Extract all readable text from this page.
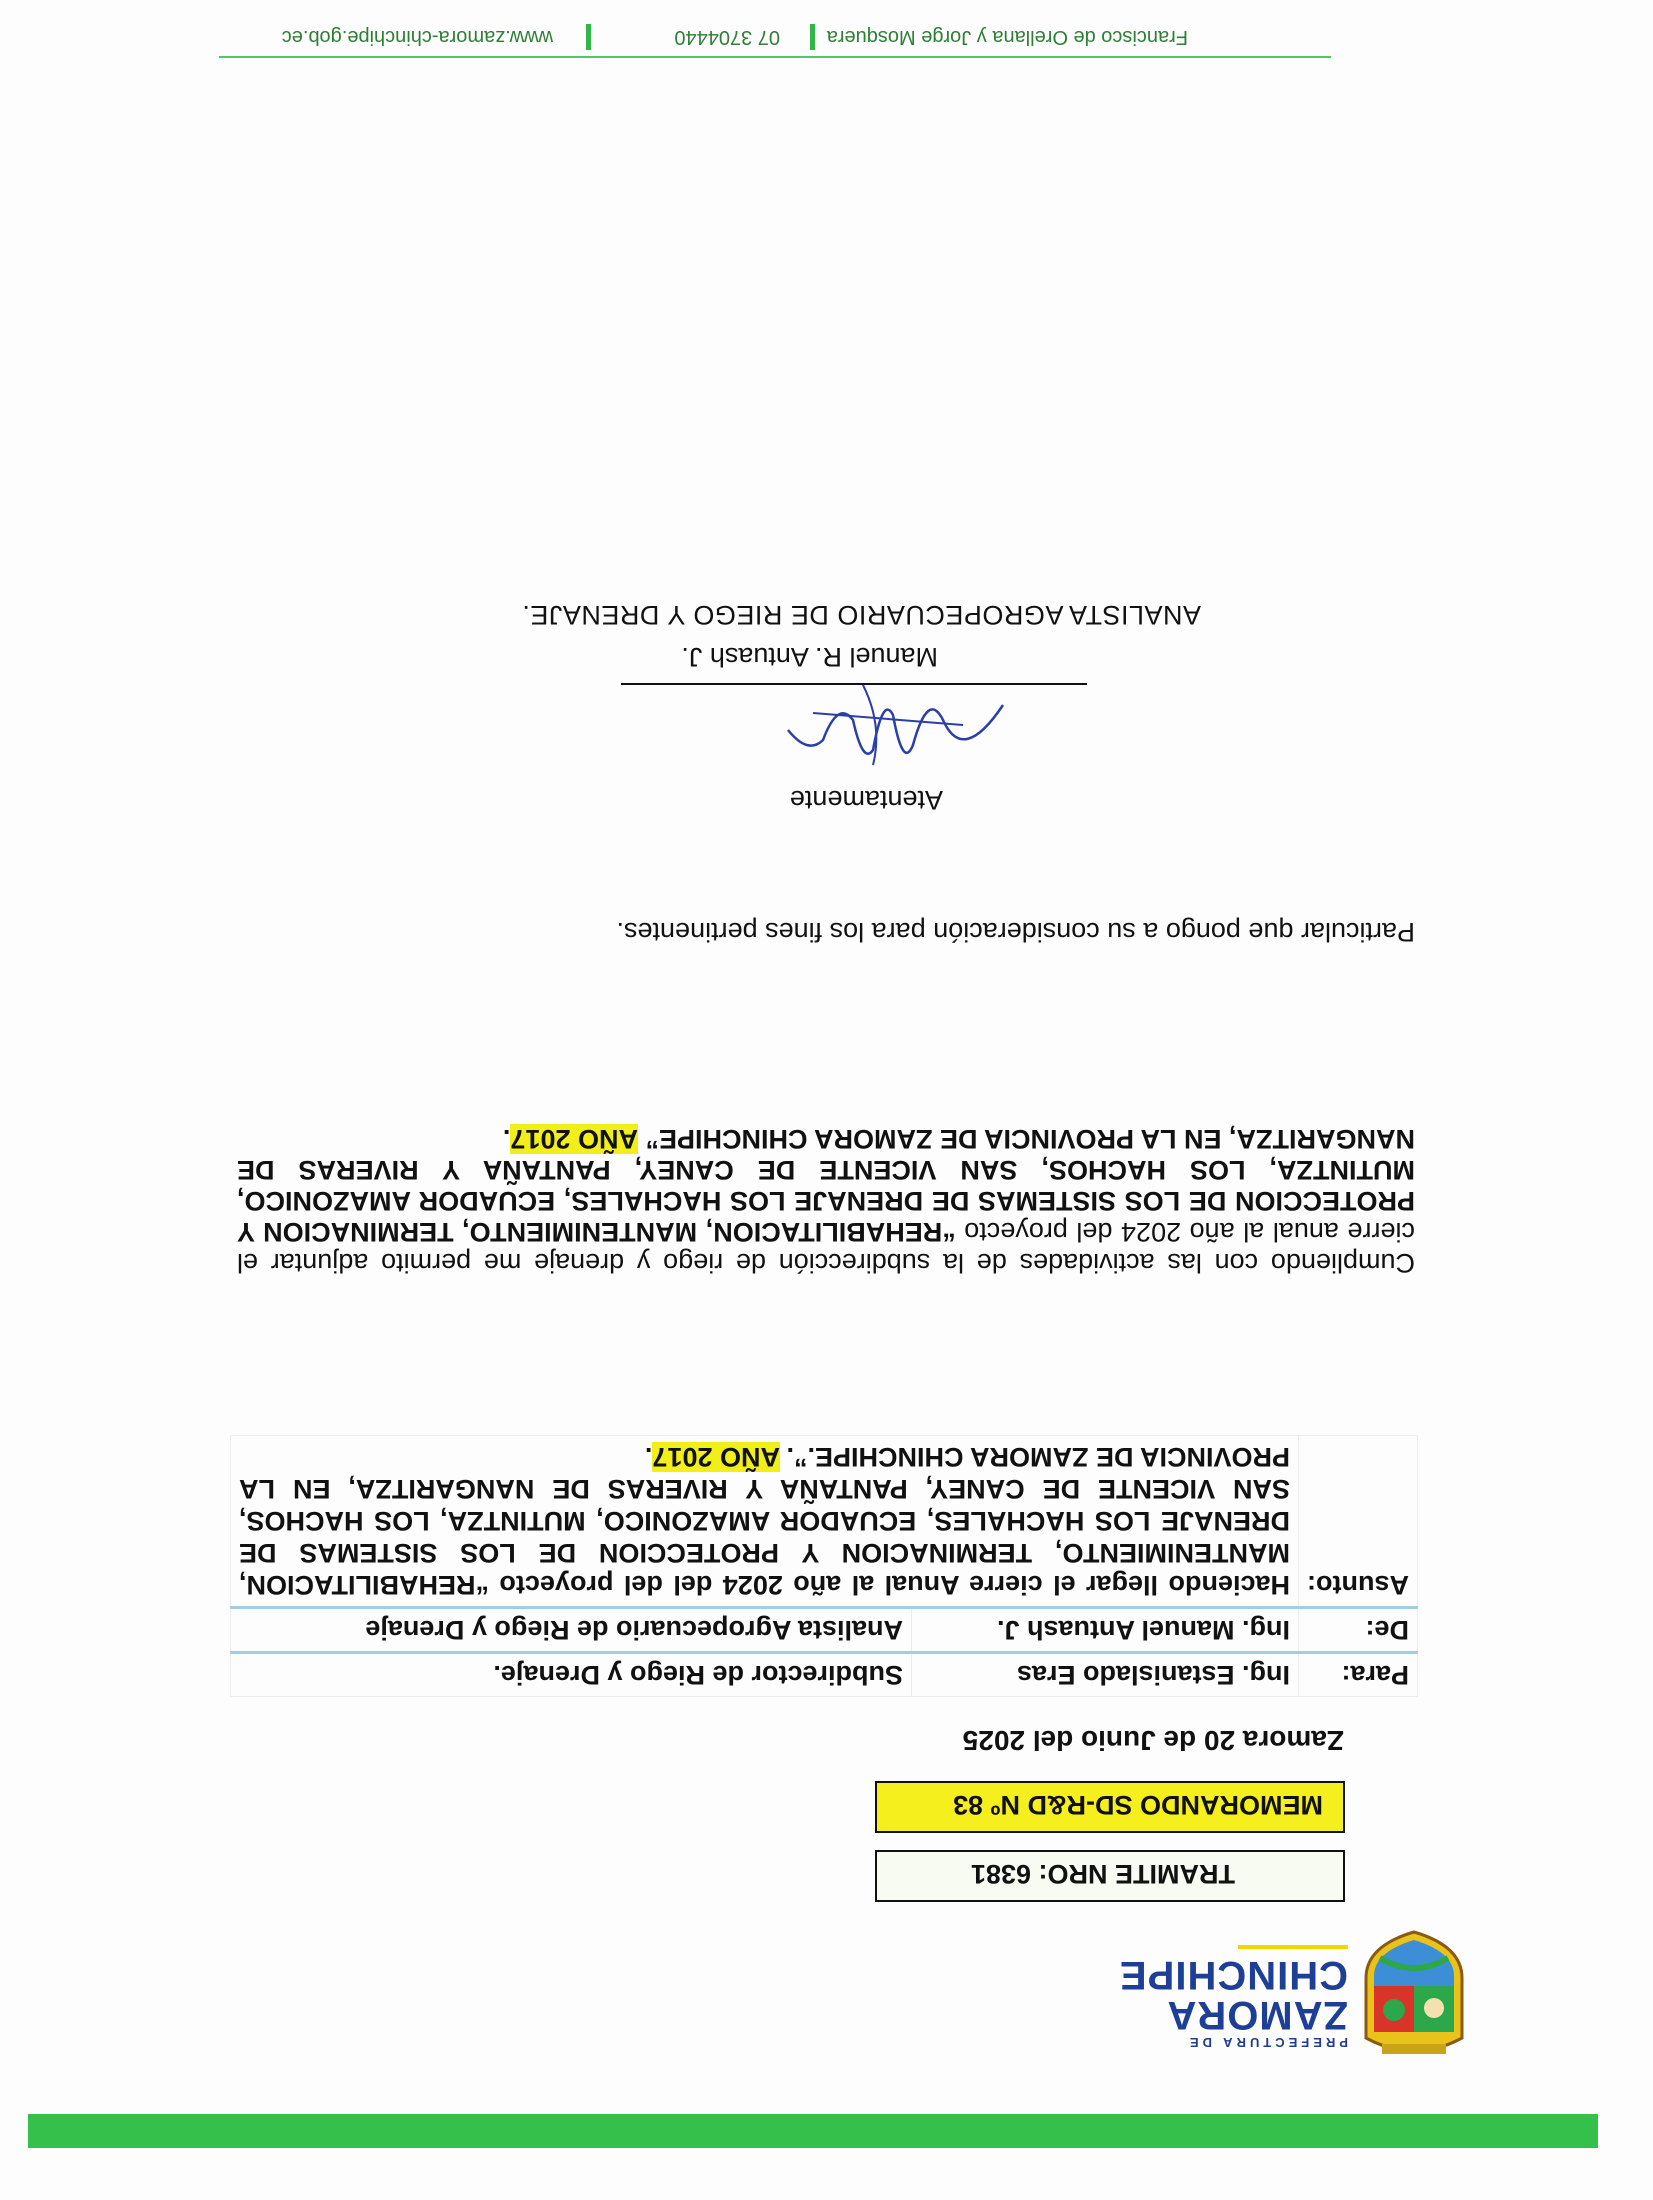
PREFECTURA DE
ZAMORA
CHINCHIPE
TRAMITE NRO: 6381
MEMORANDO SD-R&D Nº 83
Zamora 20 de Junio del 2025
Para:	Ing. Estanislado Eras	Subdirector de Riego y Drenaje.
De:	Ing. Manuel Antuash J.	Analista Agropecuario de Riego y Drenaje
Asunto:	Haciendo llegar el cierre Anual al año 2024 del del proyecto “REHABILITACION, MANTENIMIENTO, TERMINACION Y PROTECCION DE LOS SISTEMAS DE DRENAJE LOS HACHALES, ECUADOR AMAZONICO, MUTINTZA, LOS HACHOS, SAN VICENTE DE CANEY, PANTAÑA Y RIVERAS DE NANGARITZA, EN LA PROVINCIA DE ZAMORA CHINCHIPE.”. AÑO 2017.	
Cumpliendo con las actividades de la subdirección de riego y drenaje me permito adjuntar el cierre anual al año 2024 del proyecto “REHABILITACION, MANTENIMIENTO, TERMINACION Y PROTECCION DE LOS SISTEMAS DE DRENAJE LOS HACHALES, ECUADOR AMAZONICO, MUTINTZA, LOS HACHOS, SAN VICENTE DE CANEY, PANTAÑA Y RIVERAS DE NANGARITZA, EN LA PROVINCIA DE ZAMORA CHINCHIPE” AÑO 2017.
Particular que pongo a su consideración para los fines pertinentes.
Atentamente
Manuel R. Antuash J.
ANALISTA AGROPECUARIO DE RIEGO Y DRENAJE.
Francisco de Orellana y Jorge Mosquera
07 3704440
www.zamora-chinchipe.gob.ec
